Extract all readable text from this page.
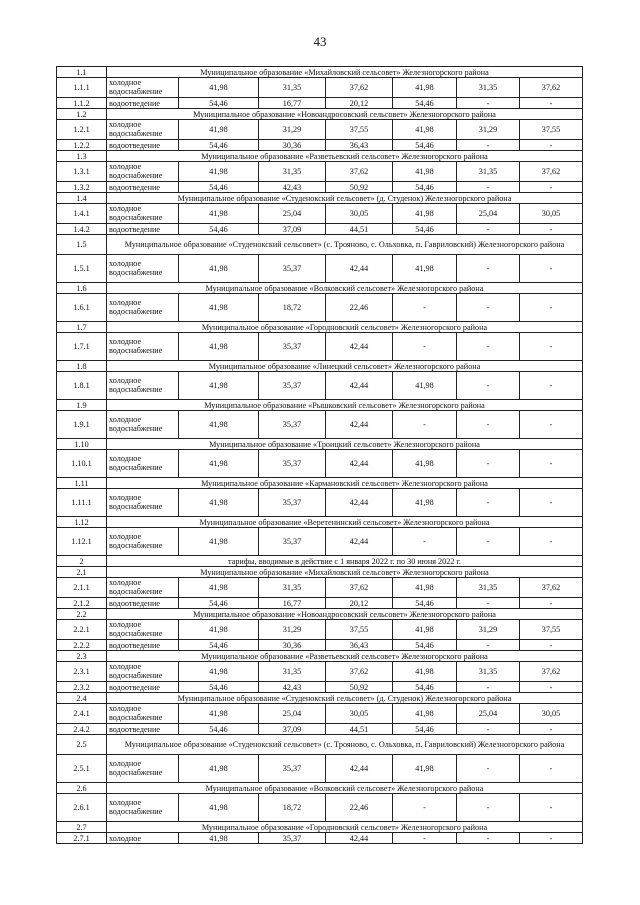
43
1.1	Муниципальное образование «Михайловский сельсовет» Железногорского района						
1.1.1	холодное водоснабжение	41,98	31,35	37,62	41,98	31,35	37,62
1.1.2	водоотведение	54,46	16,77	20,12	54,46	-	-
1.2	Муниципальное образование «Новоандросовский сельсовет» Железногорского района						
1.2.1	холодное водоснабжение	41,98	31,29	37,55	41,98	31,29	37,55
1.2.2	водоотведение	54,46	30,36	36,43	54,46	-	-
1.3	Муниципальное образование «Разветьевский сельсовет» Железногорского района						
1.3.1	холодное водоснабжение	41,98	31,35	37,62	41,98	31,35	37,62
1.3.2	водоотведение	54,46	42,43	50,92	54,46	-	-
1.4	Муниципальное образование «Студенокский сельсовет» (д. Студенок) Железногорского района						
1.4.1	холодное водоснабжение	41,98	25,04	30,05	41,98	25,04	30,05
1.4.2	водоотведение	54,46	37,09	44,51	54,46	-	-
1.5	Муниципальное образование «Студенокский сельсовет» (с. Трояново, с. Ольховка, п. Гавриловский) Железногорского района						
1.5.1	холодное водоснабжение	41,98	35,37	42,44	41,98	-	-
1.6	Муниципальное образование «Волковский сельсовет» Железногорского района						
1.6.1	холодное водоснабжение	41,98	18,72	22,46	-	-	-
1.7	Муниципальное образование «Городновский сельсовет» Железногорского района						
1.7.1	холодное водоснабжение	41,98	35,37	42,44	-	-	-
1.8	Муниципальное образование «Линецкий сельсовет» Железногорского района						
1.8.1	холодное водоснабжение	41,98	35,37	42,44	41,98	-	-
1.9	Муниципальное образование «Рышковский сельсовет» Железногорского района						
1.9.1	холодное водоснабжение	41,98	35,37	42,44	-	-	-
1.10	Муниципальное образование «Троицкий сельсовет» Железногорского района						
1.10.1	холодное водоснабжение	41,98	35,37	42,44	41,98	-	-
1.11	Муниципальное образование «Кармановский сельсовет» Железногорского района						
1.11.1	холодное водоснабжение	41,98	35,37	42,44	41,98	-	-
1.12	Муниципальное образование «Веретенинский сельсовет» Железногорского района						
1.12.1	холодное водоснабжение	41,98	35,37	42,44	-	-	-
2	тарифы, вводимые в действие с 1 января 2022 г. по 30 июня 2022 г.						
2.1	Муниципальное образование «Михайловский сельсовет» Железногорского района						
2.1.1	холодное водоснабжение	41,98	31,35	37,62	41,98	31,35	37,62
2.1.2	водоотведение	54,46	16,77	20,12	54,46	-	-
2.2	Муниципальное образование «Новоандросовский сельсовет» Железногорского района						
2.2.1	холодное водоснабжение	41,98	31,29	37,55	41,98	31,29	37,55
2.2.2	водоотведение	54,46	30,36	36,43	54,46	-	-
2.3	Муниципальное образование «Разветьевский сельсовет» Железногорского района						
2.3.1	холодное водоснабжение	41,98	31,35	37,62	41,98	31,35	37,62
2.3.2	водоотведение	54,46	42,43	50,92	54,46	-	-
2.4	Муниципальное образование «Студенокский сельсовет» (д. Студенок) Железногорского района						
2.4.1	холодное водоснабжение	41,98	25,04	30,05	41,98	25,04	30,05
2.4.2	водоотведение	54,46	37,09	44,51	54,46	-	-
2.5	Муниципальное образование «Студенокский сельсовет» (с. Трояново, с. Ольховка, п. Гавриловский) Железногорского района						
2.5.1	холодное водоснабжение	41,98	35,37	42,44	41,98	-	-
2.6	Муниципальное образование «Волковский сельсовет» Железногорского района						
2.6.1	холодное водоснабжение	41,98	18,72	22,46	-	-	-
2.7	Муниципальное образование «Городновский сельсовет» Железногорского района						
2.7.1	холодное	41,98	35,37	42,44	-	-	-
